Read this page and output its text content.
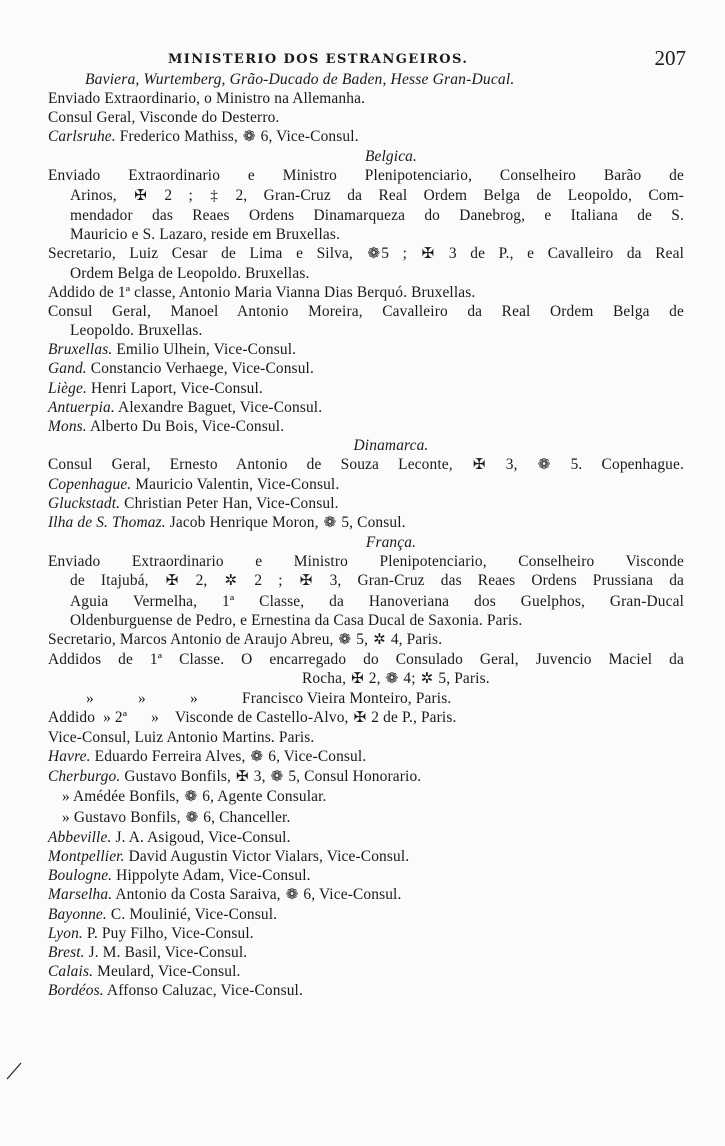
MINISTERIO DOS ESTRANGEIROS.	207
Baviera, Wurtemberg, Grão-Ducado de Baden, Hesse Gran-Ducal.
Enviado Extraordinario, o Ministro na Allemanha.
Consul Geral, Visconde do Desterro.
Carlsruhe. Frederico Mathiss, ❁ 6, Vice-Consul.
Belgica.
Enviado Extraordinario e Ministro Plenipotenciario, Conselheiro Barão de
Arinos, ✠ 2 ; ‡ 2, Gran-Cruz da Real Ordem Belga de Leopoldo, Com-
mendador das Reaes Ordens Dinamarqueza do Danebrog, e Italiana de S.
Mauricio e S. Lazaro, reside em Bruxellas.
Secretario, Luiz Cesar de Lima e Silva, ❁5 ; ✠ 3 de P., e Cavalleiro da Real
Ordem Belga de Leopoldo. Bruxellas.
Addido de 1ª classe, Antonio Maria Vianna Dias Berquó. Bruxellas.
Consul Geral, Manoel Antonio Moreira, Cavalleiro da Real Ordem Belga de
Leopoldo. Bruxellas.
Bruxellas. Emilio Ulhein, Vice-Consul.
Gand. Constancio Verhaege, Vice-Consul.
Liège. Henri Laport, Vice-Consul.
Antuerpia. Alexandre Baguet, Vice-Consul.
Mons. Alberto Du Bois, Vice-Consul.
Dinamarca.
Consul Geral, Ernesto Antonio de Souza Leconte, ✠ 3, ❁ 5. Copenhague.
Copenhague. Mauricio Valentin, Vice-Consul.
Gluckstadt. Christian Peter Han, Vice-Consul.
Ilha de S. Thomaz. Jacob Henrique Moron, ❁ 5, Consul.
França.
Enviado Extraordinario e Ministro Plenipotenciario, Conselheiro Visconde
de Itajubá, ✠ 2, ✲ 2 ; ✠ 3, Gran-Cruz das Reaes Ordens Prussiana da
Aguia Vermelha, 1ª Classe, da Hanoveriana dos Guelphos, Gran-Ducal
Oldenburguense de Pedro, e Ernestina da Casa Ducal de Saxonia. Paris.
Secretario, Marcos Antonio de Araujo Abreu, ❁ 5, ✲ 4, Paris.
Addidos de 1ª Classe. O encarregado do Consulado Geral, Juvencio Maciel da
Rocha, ✠ 2, ❁ 4; ✲ 5, Paris.
»	»	»	Francisco Vieira Monteiro, Paris.
Addido » 2ª » Visconde de Castello-Alvo, ✠ 2 de P., Paris.
Vice-Consul, Luiz Antonio Martins. Paris.
Havre. Eduardo Ferreira Alves, ❁ 6, Vice-Consul.
Cherburgo. Gustavo Bonfils, ✠ 3, ❁ 5, Consul Honorario.
» Amédée Bonfils, ❁ 6, Agente Consular.
» Gustavo Bonfils, ❁ 6, Chanceller.
Abbeville. J. A. Asigoud, Vice-Consul.
Montpellier. David Augustin Victor Vialars, Vice-Consul.
Boulogne. Hippolyte Adam, Vice-Consul.
Marselha. Antonio da Costa Saraiva, ❁ 6, Vice-Consul.
Bayonne. C. Moulinié, Vice-Consul.
Lyon. P. Puy Filho, Vice-Consul.
Brest. J. M. Basil, Vice-Consul.
Calais. Meulard, Vice-Consul.
Bordéos. Affonso Caluzac, Vice-Consul.
